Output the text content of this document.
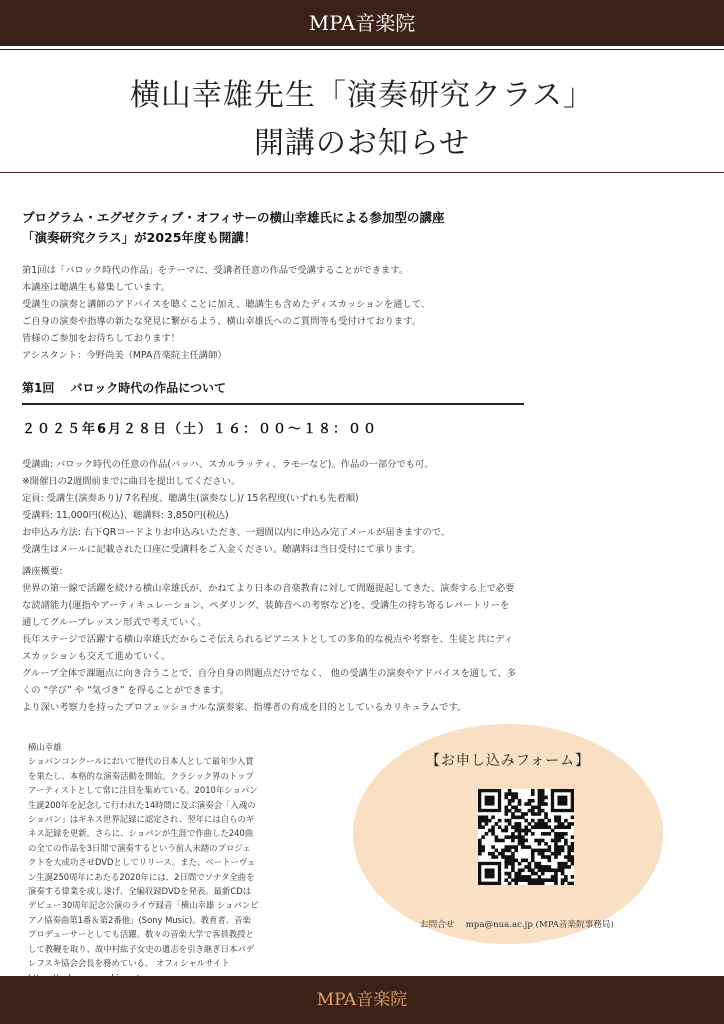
MPA音楽院
横山幸雄先生「演奏研究クラス」
開講のお知らせ
プログラム・エグゼクティブ・オフィサーの横山幸雄氏による参加型の講座
「演奏研究クラス」が2025年度も開講！
第1回は「バロック時代の作品」をテーマに、受講者任意の作品で受講することができます。
本講座は聴講生も募集しています。
受講生の演奏と講師のアドバイスを聴くことに加え、聴講生も含めたディスカッションを通して、
ご自身の演奏や指導の新たな発見に繋がるよう、横山幸雄氏へのご質問等も受付けております。
皆様のご参加をお待ちしております！
アシスタント：今野尚美（MPA音楽院主任講師）
第1回　 バロック時代の作品について
２０２５年6月２８日（土）１６：００〜１８：００
受講曲: バロック時代の任意の作品(バッハ、スカルラッティ、ラモーなど)。作品の一部分でも可。
※開催日の2週間前までに曲目を提出してください。
定員: 受講生(演奏あり)/ 7名程度、聴講生(演奏なし)/ 15名程度(いずれも先着順)
受講料: 11,000円(税込)、聴講料: 3,850円(税込)
お申込み方法: 右下QRコードよりお申込みいただき、一週間以内に申込み完了メールが届きますので、
受講生はメールに記載された口座に受講料をご入金ください。聴講料は当日受付にて承ります。
講座概要:
世界の第一線で活躍を続ける横山幸雄氏が、かねてより日本の音楽教育に対して問題提起してきた、演奏する上で必要
な読譜能力(運指やアーティキュレーション、ペダリング、装飾音への考察など)を、受講生の持ち寄るレパートリーを
通してグループレッスン形式で考えていく。
長年ステージで活躍する横山幸雄氏だからこそ伝えられるピアニストとしての多角的な視点や考察を、生徒と共にディ
スカッションも交えて進めていく。
グループ全体で課題点に向き合うことで、自分自身の問題点だけでなく、 他の受講生の演奏やアドバイスを通して、多
くの “学び” や “気づき” を得ることができます。
より深い考察力を持ったプロフェッショナルな演奏家、指導者の育成を目的としているカリキュラムです。
横山幸雄
ショパンコンクールにおいて歴代の日本人として最年少入賞
を果たし、本格的な演奏活動を開始。クラシック界のトップ
アーティストとして常に注目を集めている。2010年ショパン
生誕200年を記念して行われた14時間に及ぶ演奏会「入魂の
ショパン」はギネス世界記録に認定され、翌年には自らのギ
ネス記録を更新。さらに、ショパンが生涯で作曲した240曲
の全ての作品を3日間で演奏するという前人未踏のプロジェ
クトを大成功させDVDとしてリリース。また、ベートーヴェ
ン生誕250周年にあたる2020年には、2日間でソナタ全曲を
演奏する偉業を成し遂げ、全編収録DVDを発表。最新CDは
デビュー30周年記念公演のライヴ録音「横山幸雄 ショパンピ
アノ協奏曲第1番＆第2番他」(Sony Music)。教育者、音楽
プロデューサーとしても活躍。数々の音楽大学で客員教授と
して教鞭を取り、故中村紘子女史の遺志を引き継ぎ日本パデ
レフスキ協会会長を務めている。 オフィシャルサイト
【お申し込みフォーム】
お問合せ　 mpa@nua.ac.jp (MPA音楽院事務局)
MPA音楽院
